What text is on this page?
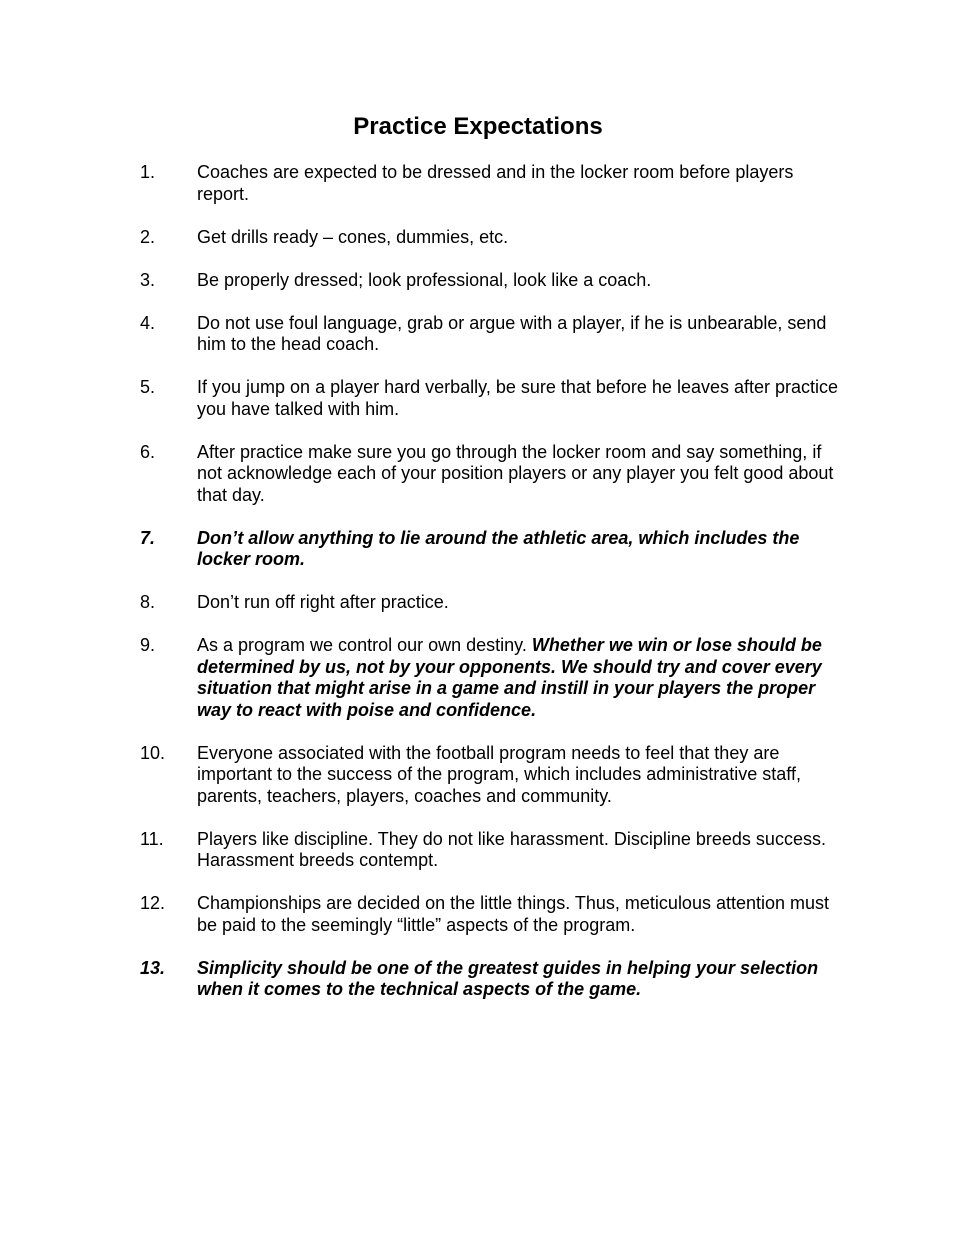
Practice Expectations
1. Coaches are expected to be dressed and in the locker room before players report.
2. Get drills ready – cones, dummies, etc.
3. Be properly dressed; look professional, look like a coach.
4. Do not use foul language, grab or argue with a player, if he is unbearable, send him to the head coach.
5. If you jump on a player hard verbally, be sure that before he leaves after practice you have talked with him.
6. After practice make sure you go through the locker room and say something, if not acknowledge each of your position players or any player you felt good about that day.
7. Don’t allow anything to lie around the athletic area, which includes the locker room.
8. Don’t run off right after practice.
9. As a program we control our own destiny. Whether we win or lose should be determined by us, not by your opponents. We should try and cover every situation that might arise in a game and instill in your players the proper way to react with poise and confidence.
10. Everyone associated with the football program needs to feel that they are important to the success of the program, which includes administrative staff, parents, teachers, players, coaches and community.
11. Players like discipline. They do not like harassment. Discipline breeds success. Harassment breeds contempt.
12. Championships are decided on the little things. Thus, meticulous attention must be paid to the seemingly “little” aspects of the program.
13. Simplicity should be one of the greatest guides in helping your selection when it comes to the technical aspects of the game.
